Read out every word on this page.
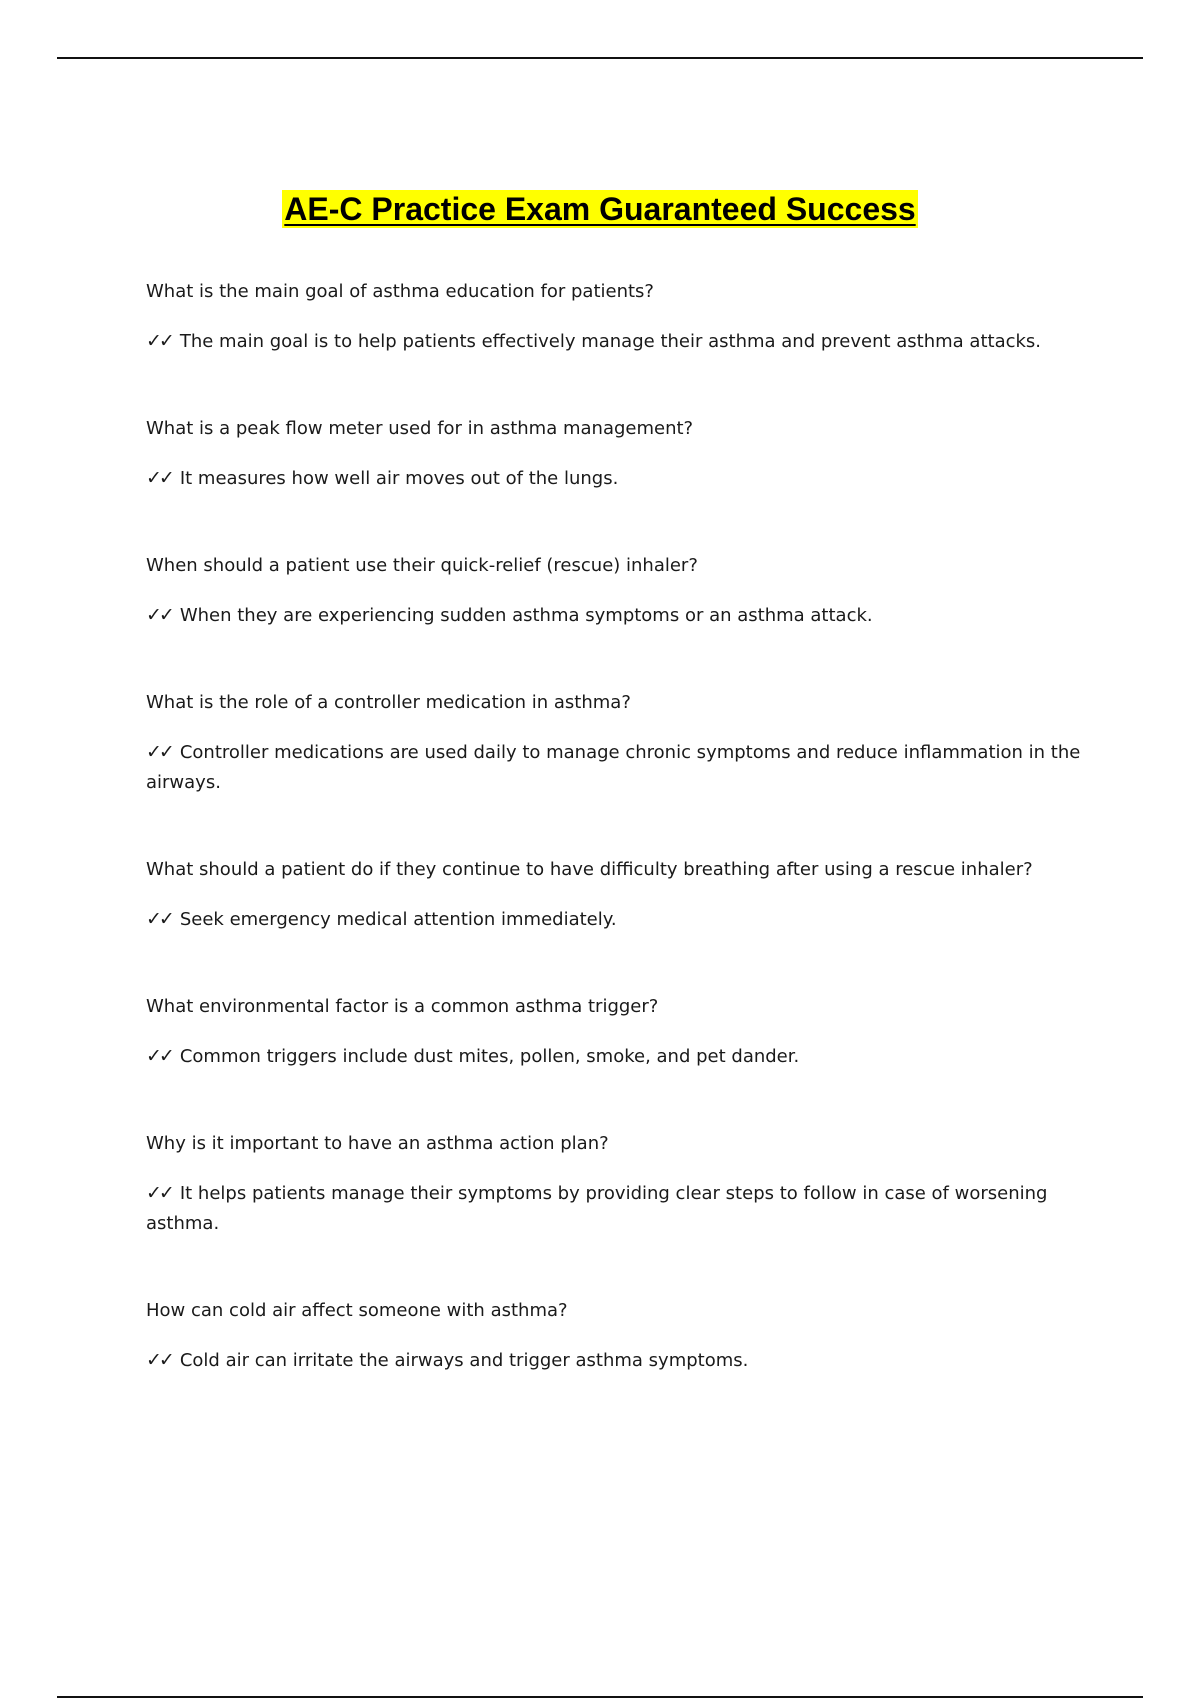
AE-C Practice Exam Guaranteed Success

What is the main goal of asthma education for patients?

✓✓ The main goal is to help patients effectively manage their asthma and prevent asthma attacks.

What is a peak flow meter used for in asthma management?

✓✓ It measures how well air moves out of the lungs.

When should a patient use their quick-relief (rescue) inhaler?

✓✓ When they are experiencing sudden asthma symptoms or an asthma attack.

What is the role of a controller medication in asthma?

✓✓ Controller medications are used daily to manage chronic symptoms and reduce inflammation in the airways.

What should a patient do if they continue to have difficulty breathing after using a rescue inhaler?

✓✓ Seek emergency medical attention immediately.

What environmental factor is a common asthma trigger?

✓✓ Common triggers include dust mites, pollen, smoke, and pet dander.

Why is it important to have an asthma action plan?

✓✓ It helps patients manage their symptoms by providing clear steps to follow in case of worsening asthma.

How can cold air affect someone with asthma?

✓✓ Cold air can irritate the airways and trigger asthma symptoms.
